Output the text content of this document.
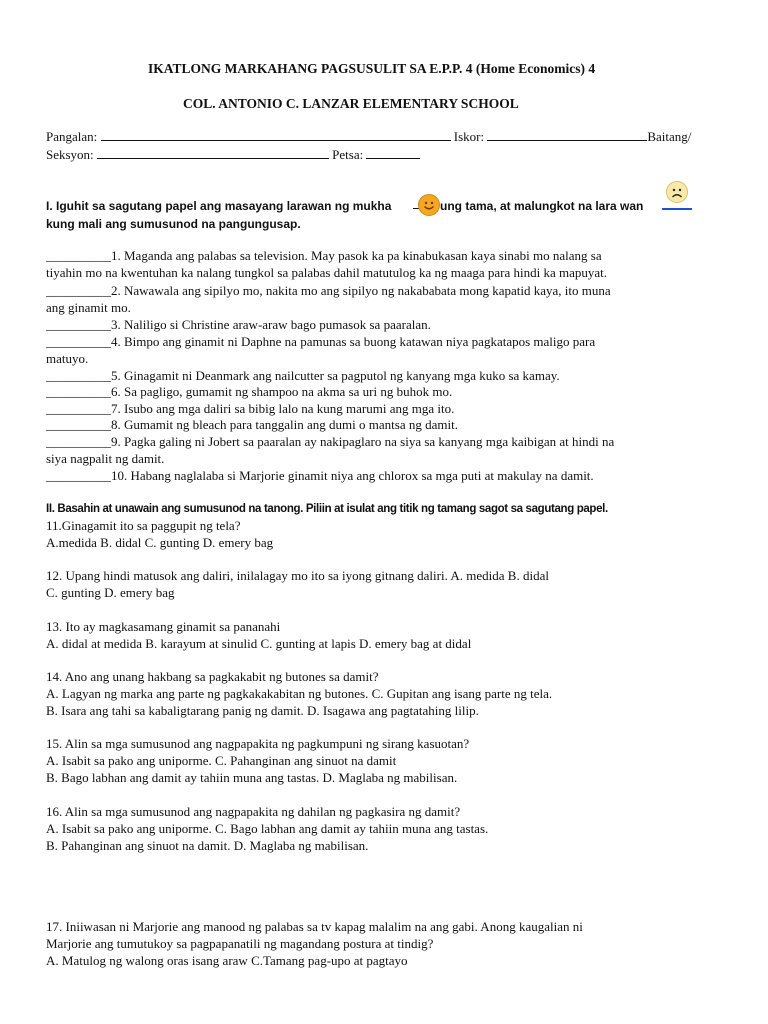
IKATLONG MARKAHANG PAGSUSULIT SA E.P.P. 4 (Home Economics) 4
COL. ANTONIO C. LANZAR ELEMENTARY SCHOOL
Pangalan:	Iskor:	Baitang/
Seksyon:	Petsa:
I. Iguhit sa sagutang papel ang masayang larawan ng mukha	ung tama, at malungkot na lara wan
kung mali ang sumusunod na pangungusap.
__________1. Maganda ang palabas sa television. May pasok ka pa kinabukasan kaya sinabi mo nalang sa
tiyahin mo na kwentuhan ka nalang tungkol sa palabas dahil matutulog ka ng maaga para hindi ka mapuyat.
__________2. Nawawala ang sipilyo mo, nakita mo ang sipilyo ng nakababata mong kapatid kaya, ito muna
ang ginamit mo.
__________3. Naliligo si Christine araw-araw bago pumasok sa paaralan.
__________4. Bimpo ang ginamit ni Daphne na pamunas sa buong katawan niya pagkatapos maligo para
matuyo.
__________5. Ginagamit ni Deanmark ang nailcutter sa pagputol ng kanyang mga kuko sa kamay.
__________6. Sa pagligo, gumamit ng shampoo na akma sa uri ng buhok mo.
__________7. Isubo ang mga daliri sa bibig lalo na kung marumi ang mga ito.
__________8. Gumamit ng bleach para tanggalin ang dumi o mantsa ng damit.
__________9. Pagka galing ni Jobert sa paaralan ay nakipaglaro na siya sa kanyang mga kaibigan at hindi na
siya nagpalit ng damit.
__________10. Habang naglalaba si Marjorie ginamit niya ang chlorox sa mga puti at makulay na damit.
II. Basahin at unawain ang sumusunod na tanong. Piliin at isulat ang titik ng tamang sagot sa sagutang papel.
11.Ginagamit ito sa paggupit ng tela?
A.medida B. didal C. gunting D. emery bag
12. Upang hindi matusok ang daliri, inilalagay mo ito sa iyong gitnang daliri. A. medida B. didal
C. gunting D. emery bag
13. Ito ay magkasamang ginamit sa pananahi
A. didal at medida B. karayum at sinulid C. gunting at lapis D. emery bag at didal
14. Ano ang unang hakbang sa pagkakabit ng butones sa damit?
A. Lagyan ng marka ang parte ng pagkakakabitan ng butones. C. Gupitan ang isang parte ng tela.
B. Isara ang tahi sa kabaligtarang panig ng damit. D. Isagawa ang pagtatahing lilip.
15. Alin sa mga sumusunod ang nagpapakita ng pagkumpuni ng sirang kasuotan?
A. Isabit sa pako ang uniporme. C. Pahanginan ang sinuot na damit
B. Bago labhan ang damit ay tahiin muna ang tastas. D. Maglaba ng mabilisan.
16. Alin sa mga sumusunod ang nagpapakita ng dahilan ng pagkasira ng damit?
A. Isabit sa pako ang uniporme. C. Bago labhan ang damit ay tahiin muna ang tastas.
B. Pahanginan ang sinuot na damit. D. Maglaba ng mabilisan.
17. Iniiwasan ni Marjorie ang manood ng palabas sa tv kapag malalim na ang gabi. Anong kaugalian ni
Marjorie ang tumutukoy sa pagpapanatili ng magandang postura at tindig?
A. Matulog ng walong oras isang araw C.Tamang pag-upo at pagtayo
